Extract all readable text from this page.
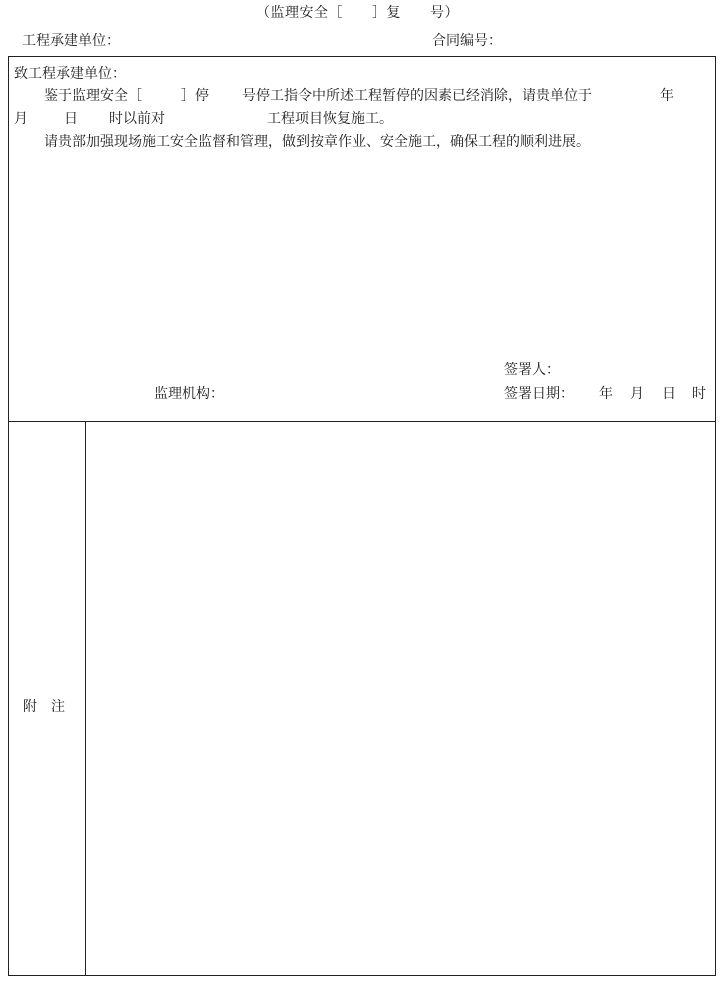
（监理安全［　　］复　　号）
工程承建单位：	合同编号：
致工程承建单位：
鉴于监理安全［	］停 号停工指令中所述工程暂停的因素已经消除，请贵单位于	年
月	日 时以前对	工程项目恢复施工。
请贵部加强现场施工安全监督和管理，做到按章作业、安全施工，确保工程的顺利进展。
签署人：
监理机构：	签署日期： 年 月 日 时
附注
